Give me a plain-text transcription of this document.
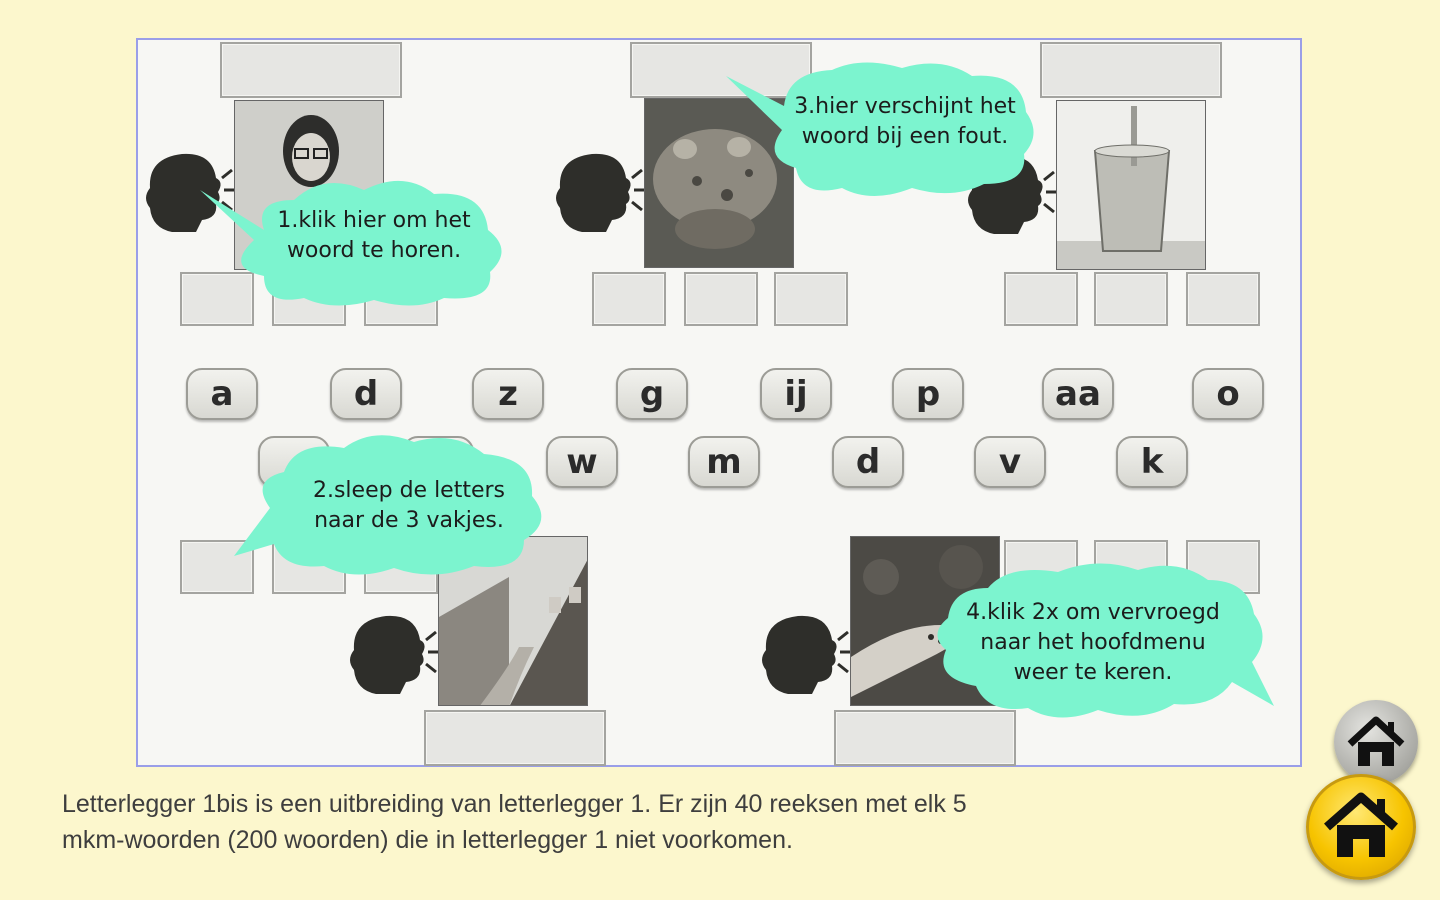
a	d	z	g	ij	p	aa	o
w	m	d	v	k
1.klik hier om het
woord te horen.
2.sleep de letters
naar de 3 vakjes.
3.hier verschijnt het
woord bij een fout.
4.klik 2x om vervroegd
naar het hoofdmenu
weer te keren.
Letterlegger 1bis is een uitbreiding van letterlegger 1. Er zijn 40 reeksen met elk 5
mkm-woorden (200 woorden) die in letterlegger 1 niet voorkomen.
